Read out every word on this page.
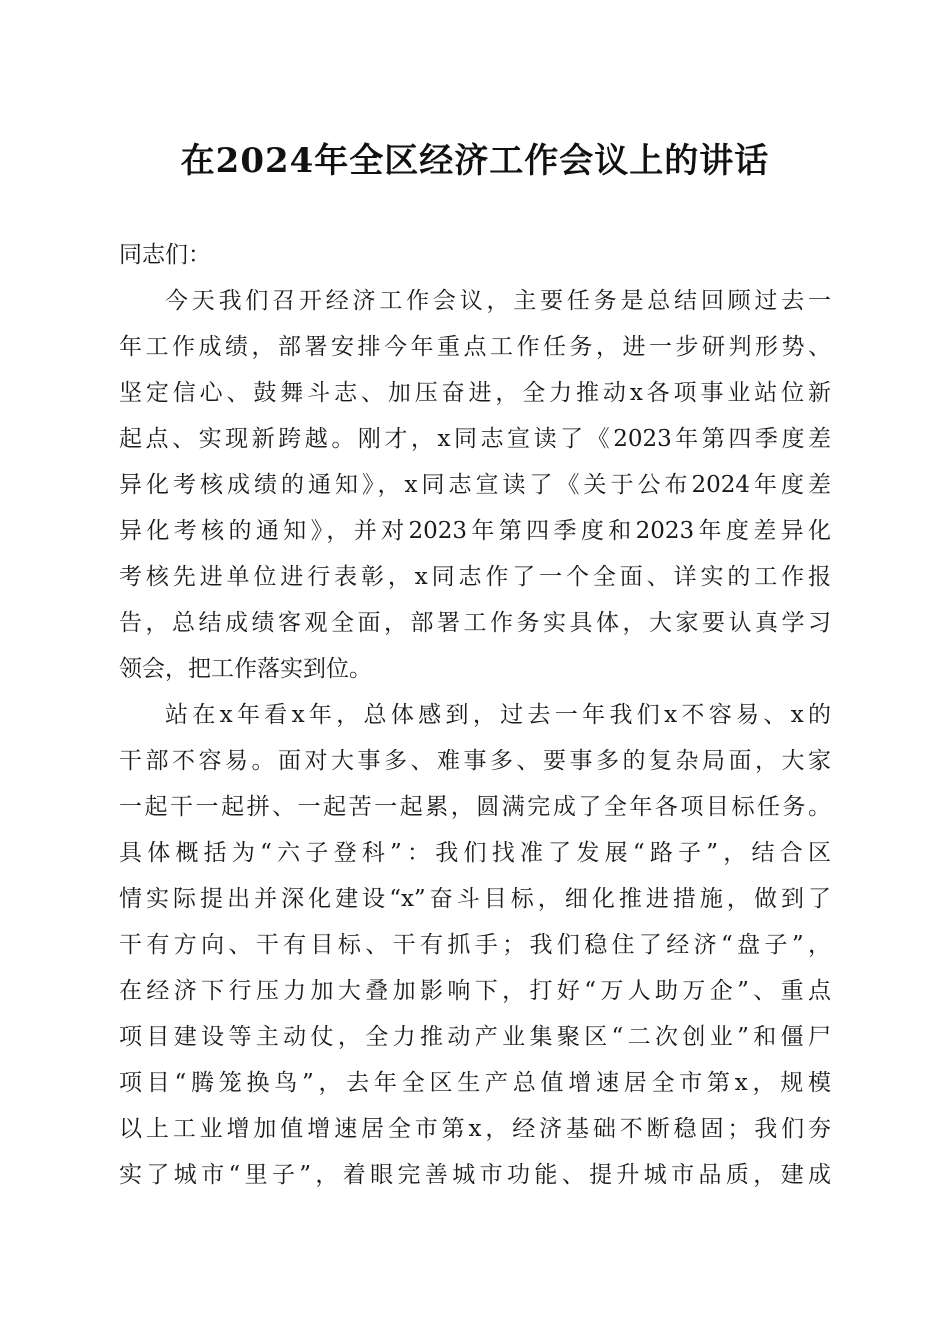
在2024年全区经济工作会议上的讲话
同志们：
今天我们召开经济工作会议，主要任务是总结回顾过去一
年工作成绩，部署安排今年重点工作任务，进一步研判形势、
坚定信心、鼓舞斗志、加压奋进，全力推动x各项事业站位新
起点、实现新跨越。刚才，x同志宣读了《2023年第四季度差
异化考核成绩的通知》，x同志宣读了《关于公布2024年度差
异化考核的通知》，并对2023年第四季度和2023年度差异化
考核先进单位进行表彰，x同志作了一个全面、详实的工作报
告，总结成绩客观全面，部署工作务实具体，大家要认真学习
领会，把工作落实到位。
站在x年看x年，总体感到，过去一年我们x不容易、x的
干部不容易。面对大事多、难事多、要事多的复杂局面，大家
一起干一起拼、一起苦一起累，圆满完成了全年各项目标任务。
具体概括为“六子登科”：我们找准了发展“路子”，结合区
情实际提出并深化建设“x”奋斗目标，细化推进措施，做到了
干有方向、干有目标、干有抓手；我们稳住了经济“盘子”，
在经济下行压力加大叠加影响下，打好“万人助万企”、重点
项目建设等主动仗，全力推动产业集聚区“二次创业”和僵尸
项目“腾笼换鸟”，去年全区生产总值增速居全市第x，规模
以上工业增加值增速居全市第x，经济基础不断稳固；我们夯
实了城市“里子”，着眼完善城市功能、提升城市品质，建成
